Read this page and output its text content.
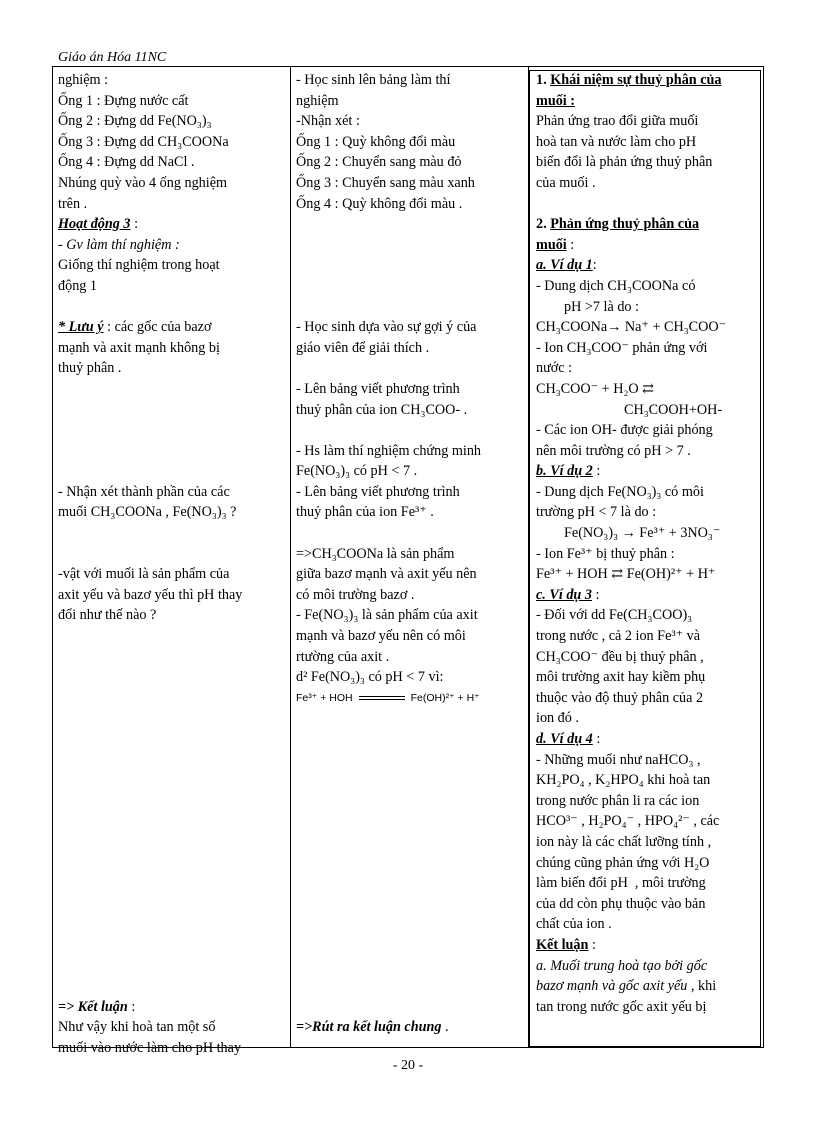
Giáo án Hóa 11NC
nghiệm :
Ống 1 : Đựng nước cất
Ống 2 : Đựng dd Fe(NO₃)₃
Ống 3 : Đựng dd CH₃COONa
Ống 4 : Đựng dd NaCl .
Nhúng quỳ vào 4 ống nghiệm
trên .
Hoạt động 3 :
- Gv làm thí nghiệm :
Giống thí nghiệm trong hoạt
động 1
* Lưu ý : các gốc của bazơ
mạnh và axit mạnh không bị
thuỷ phân .
- Nhận xét thành phần của các
muối CH₃COONa , Fe(NO₃)₃ ?
-vật với muối là sản phẩm của
axit yếu và bazơ yếu thì pH thay
đổi như thế nào ?
=> Kết luận :
Như vậy khi hoà tan một số
muối vào nước làm cho pH thay
- Học sinh lên bảng làm thí
nghiệm
-Nhận xét :
Ống 1 : Quỳ không đổi màu
Ống 2 : Chuyển sang màu đỏ
Ống 3 : Chuyển sang màu xanh
Ống 4 : Quỳ không đổi màu .
- Học sinh dựa vào sự gợi ý của
giáo viên để giải thích .
- Lên bảng viết phương trình
thuỷ phân của ion CH₃COO- .
- Hs làm thí nghiệm chứng minh
Fe(NO₃)₃ có pH < 7 .
- Lên bảng viết phương trình
thuỷ phân của ion Fe³⁺ .
=>CH₃COONa là sản phẩm
giữa bazơ mạnh và axit yếu nên
có môi trường bazơ .
- Fe(NO₃)₃ là sản phẩm của axit
mạnh và bazơ yếu nên có môi
rtường của axit .
d² Fe(NO₃)₃ có pH < 7 vì:
Fe³⁺ + HOH	Fe(OH)²⁺ + H⁺
=>Rút ra kết luận chung .
1. Khái niệm sự thuỷ phân của
muối :
Phản ứng trao đổi giữa muối
hoà tan và nước làm cho pH
biến đổi là phản ứng thuỷ phân
của muối .
2. Phản ứng thuỷ phân của
muối :
a. Ví dụ 1:
- Dung dịch CH₃COONa có
pH >7 là do :
CH₃COONa→ Na⁺ + CH₃COO⁻
- Ion CH₃COO⁻ phản ứng với
nước :
CH₃COO⁻ + H₂O ⇄
CH₃COOH+OH-
- Các ion OH- được giải phóng
nên môi trường có pH > 7 .
b. Ví dụ 2 :
- Dung dịch Fe(NO₃)₃ có môi
trường pH < 7 là do :
Fe(NO₃)₃ → Fe³⁺ + 3NO₃⁻
- Ion Fe³⁺ bị thuỷ phân :
Fe³⁺ + HOH ⇄ Fe(OH)²⁺ + H⁺
c. Ví dụ 3 :
- Đối với dd Fe(CH₃COO)₃
trong nước , cả 2 ion Fe³⁺ và
CH₃COO⁻ đều bị thuỷ phân ,
môi trường axit hay kiềm phụ
thuộc vào độ thuỷ phân của 2
ion đó .
d. Ví dụ 4 :
- Những muối như naHCO₃ ,
KH₂PO₄ , K₂HPO₄ khi hoà tan
trong nước phân li ra các ion
HCO³⁻ , H₂PO₄⁻ , HPO₄²⁻ , các
ion này là các chất lưỡng tính ,
chúng cũng phản ứng với H₂O
làm biến đổi pH  , môi trường
của dd còn phụ thuộc vào bản
chất của ion .
Kết luận :
a. Muối trung hoà tạo bởi gốc
bazơ mạnh và gốc axit yếu , khi
tan trong nước gốc axit yếu bị
- 20 -
